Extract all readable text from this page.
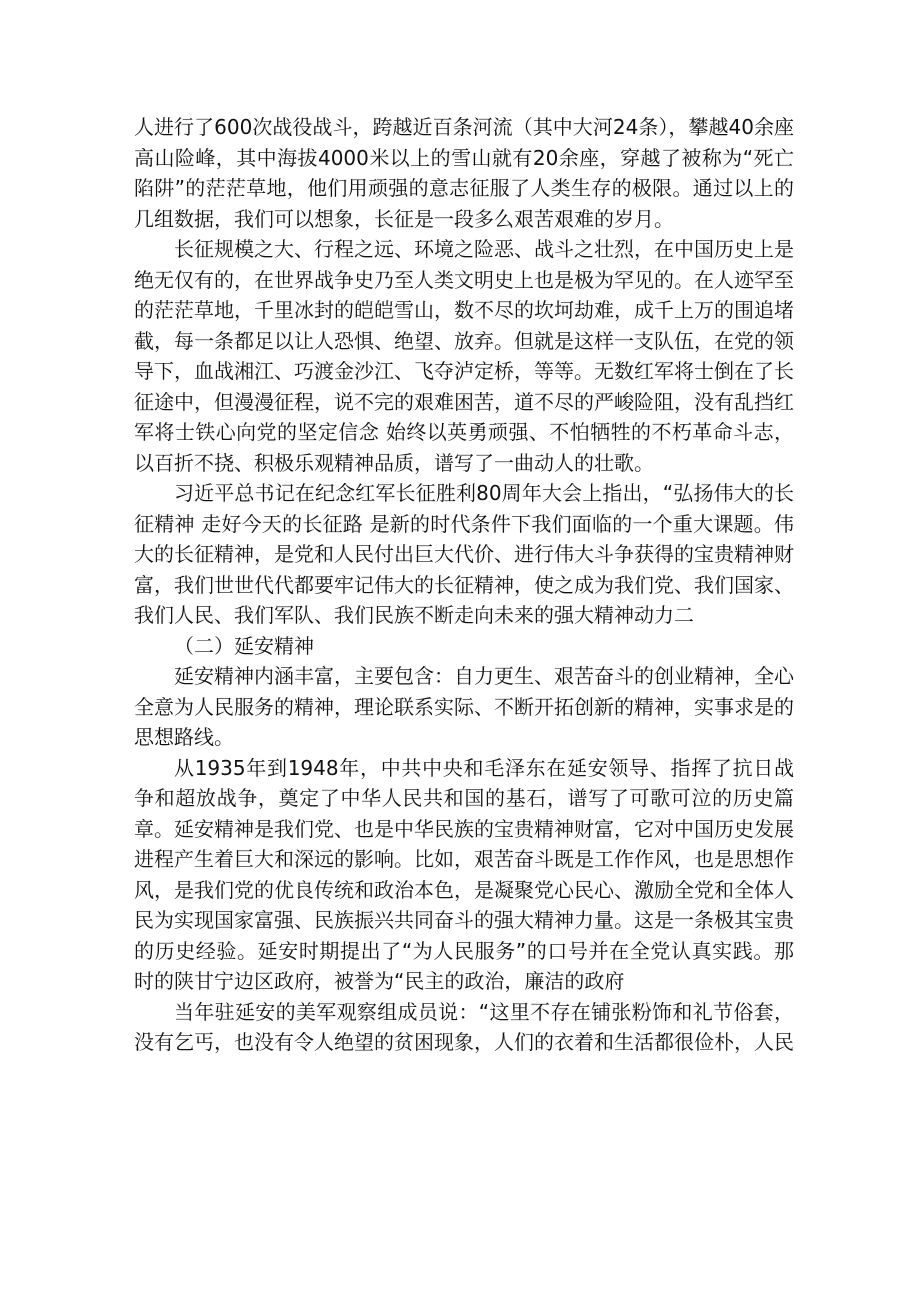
人进行了600次战役战斗，跨越近百条河流（其中大河24条），攀越40余座高山险峰，其中海拔4000米以上的雪山就有20余座，穿越了被称为“死亡陷阱”的茫茫草地，他们用顽强的意志征服了人类生存的极限。通过以上的几组数据，我们可以想象，长征是一段多么艰苦艰难的岁月。

长征规模之大、行程之远、环境之险恶、战斗之壮烈，在中国历史上是绝无仅有的，在世界战争史乃至人类文明史上也是极为罕见的。在人迹罕至的茫茫草地，千里冰封的皑皑雪山，数不尽的坎坷劫难，成千上万的围追堵截，每一条都足以让人恐惧、绝望、放弃。但就是这样一支队伍，在党的领导下，血战湘江、巧渡金沙江、飞夺泸定桥，等等。无数红军将士倒在了长征途中，但漫漫征程，说不完的艰难困苦，道不尽的严峻险阻，没有乱挡红军将士铁心向党的坚定信念 始终以英勇顽强、不怕牺牲的不朽革命斗志，以百折不挠、积极乐观精神品质，谱写了一曲动人的壮歌。

习近平总书记在纪念红军长征胜利80周年大会上指出，“弘扬伟大的长征精神 走好今天的长征路 是新的时代条件下我们面临的一个重大课题。伟大的长征精神，是党和人民付出巨大代价、进行伟大斗争获得的宝贵精神财富，我们世世代代都要牢记伟大的长征精神，使之成为我们党、我们国家、我们人民、我们军队、我们民族不断走向未来的强大精神动力二

（二）延安精神

延安精神内涵丰富，主要包含：自力更生、艰苦奋斗的创业精神，全心全意为人民服务的精神，理论联系实际、不断开拓创新的精神，实事求是的思想路线。

从1935年到1948年，中共中央和毛泽东在延安领导、指挥了抗日战争和超放战争，奠定了中华人民共和国的基石，谱写了可歌可泣的历史篇章。延安精神是我们党、也是中华民族的宝贵精神财富，它对中国历史发展进程产生着巨大和深远的影响。比如，艰苦奋斗既是工作作风，也是思想作风，是我们党的优良传统和政治本色，是凝聚党心民心、激励全党和全体人民为实现国家富强、民族振兴共同奋斗的强大精神力量。这是一条极其宝贵的历史经验。延安时期提出了“为人民服务”的口号并在全党认真实践。那时的陕甘宁边区政府，被誉为“民主的政治，廉洁的政府

当年驻延安的美军观察组成员说：“这里不存在铺张粉饰和礼节俗套，没有乞丐，也没有令人绝望的贫困现象，人们的衣着和生活都很俭朴，人民
